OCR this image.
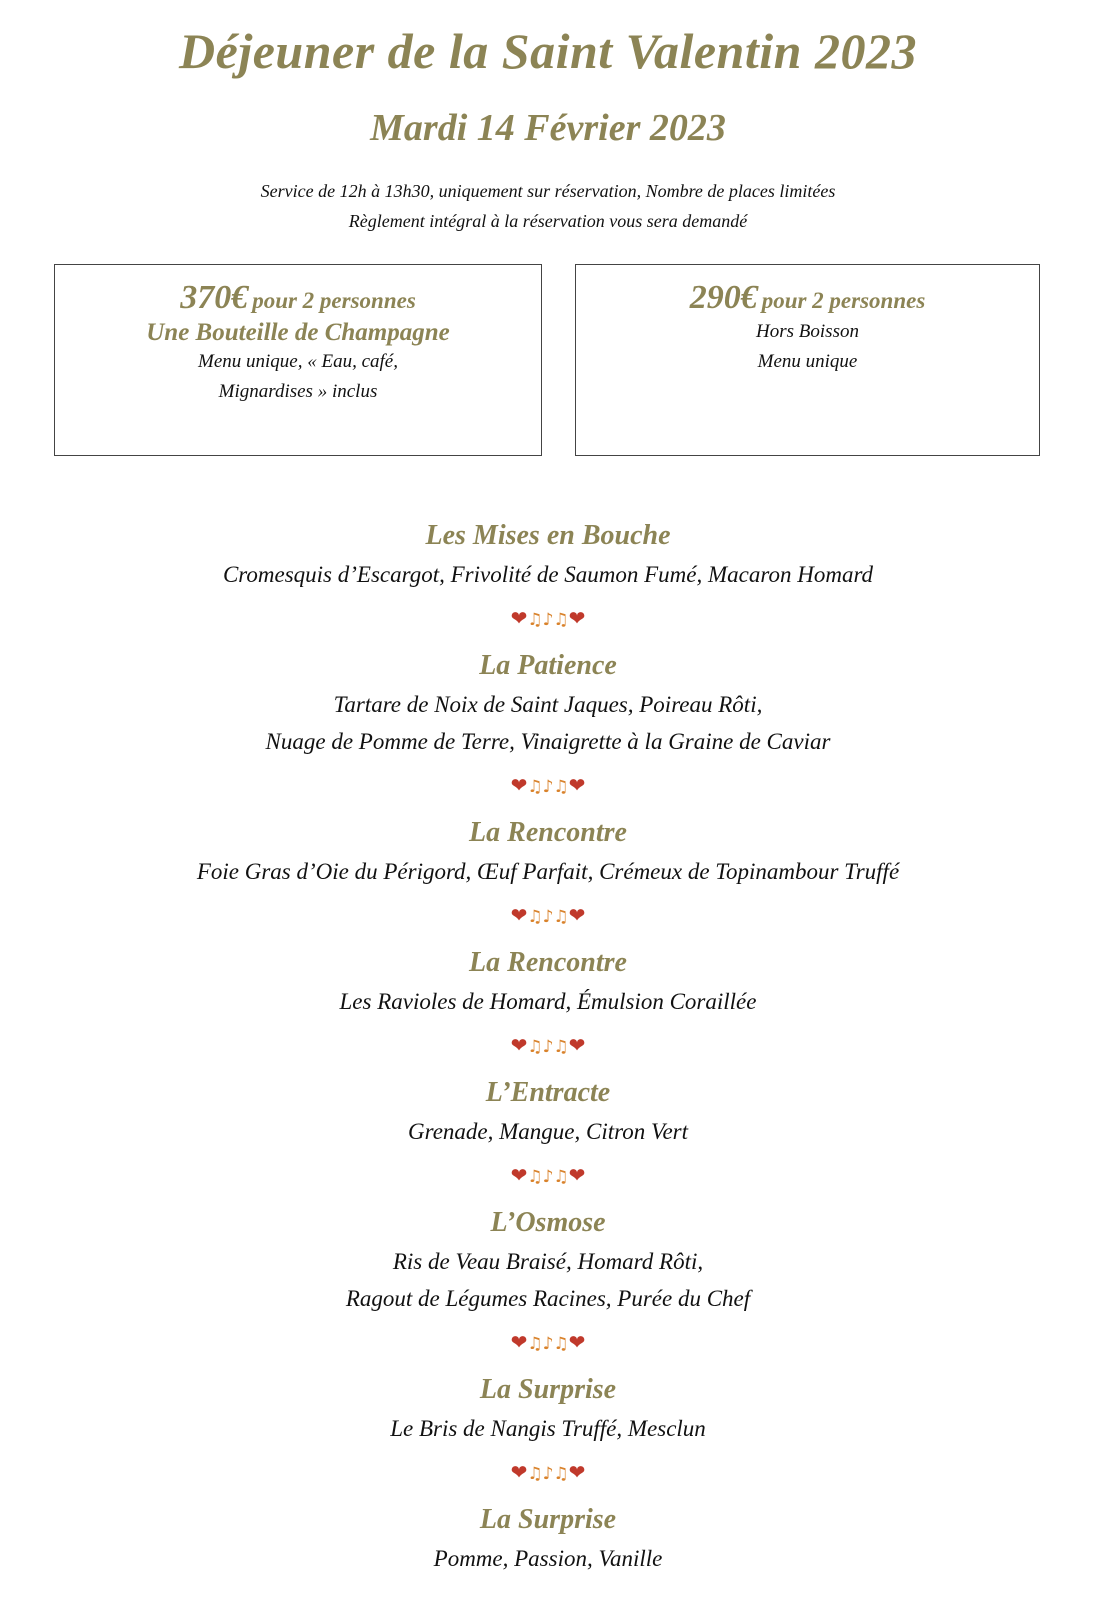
Déjeuner de la Saint Valentin 2023
Mardi 14 Février 2023
Service de 12h à 13h30, uniquement sur réservation, Nombre de places limitées
Règlement intégral à la réservation vous sera demandé
370€ pour 2 personnes
Une Bouteille de Champagne
Menu unique, « Eau, café,
Mignardises » inclus
290€ pour 2 personnes
Hors Boisson
Menu unique
Les Mises en Bouche
Cromesquis d’Escargot, Frivolité de Saumon Fumé, Macaron Homard
❤♫♪♫❤
La Patience
Tartare de Noix de Saint Jaques, Poireau Rôti,
Nuage de Pomme de Terre, Vinaigrette à la Graine de Caviar
❤♫♪♫❤
La Rencontre
Foie Gras d’Oie du Périgord, Œuf Parfait, Crémeux de Topinambour Truffé
❤♫♪♫❤
La Rencontre
Les Ravioles de Homard, Émulsion Coraillée
❤♫♪♫❤
L’Entracte
Grenade, Mangue, Citron Vert
❤♫♪♫❤
L’Osmose
Ris de Veau Braisé, Homard Rôti,
Ragout de Légumes Racines, Purée du Chef
❤♫♪♫❤
La Surprise
Le Bris de Nangis Truffé, Mesclun
❤♫♪♫❤
La Surprise
Pomme, Passion, Vanille
